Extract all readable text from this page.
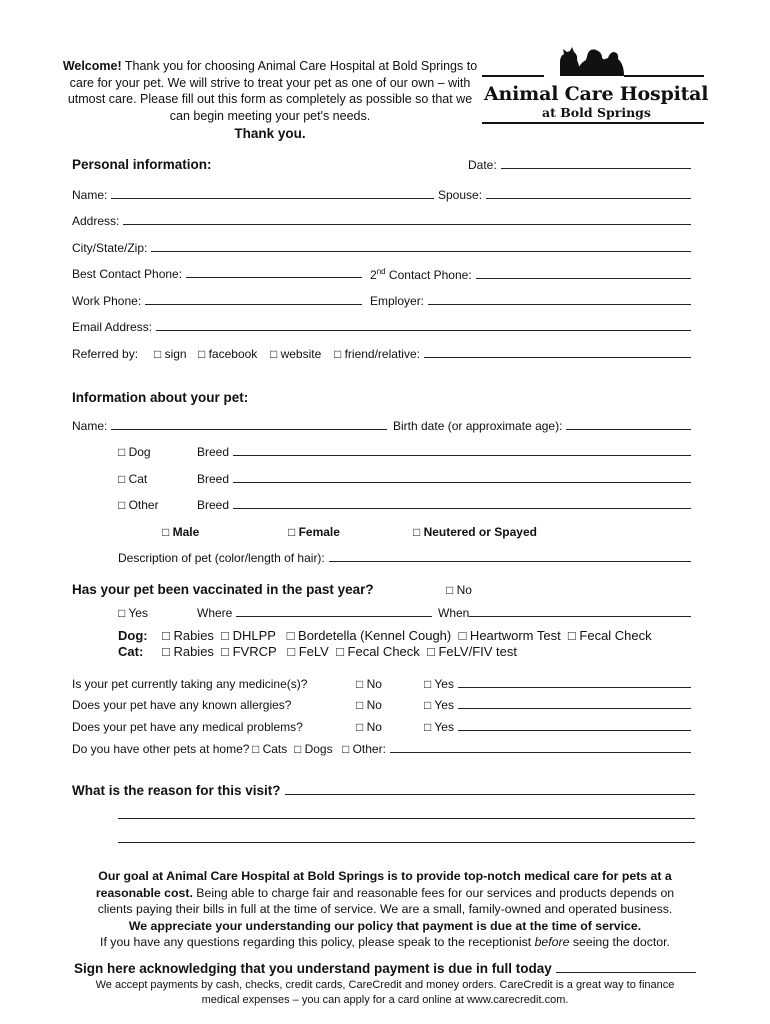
Welcome! Thank you for choosing Animal Care Hospital at Bold Springs to care for your pet. We will strive to treat your pet as one of our own – with utmost care. Please fill out this form as completely as possible so that we can begin meeting your pet's needs.
Thank you.
Animal Care Hospital
at Bold Springs
Personal information:	Date:
Name:	Spouse:
Address:
City/State/Zip:
Best Contact Phone:	2nd Contact Phone:
Work Phone:	Employer:
Email Address:
Referred by: □ sign □ facebook □ website □ friend/relative:
Information about your pet:
Name:	Birth date (or approximate age):
□ Dog	Breed
□ Cat	Breed
□ Other	Breed
□ Male	□ Female	□ Neutered or Spayed
Description of pet (color/length of hair):
Has your pet been vaccinated in the past year?	□ No
□ Yes	Where	When
Dog: □ Rabies  □ DHLPP   □ Bordetella (Kennel Cough)  □ Heartworm Test  □ Fecal Check
Cat: □ Rabies  □ FVRCP   □ FeLV  □ Fecal Check  □ FeLV/FIV test
Is your pet currently taking any medicine(s)?	□ No	□ Yes
Does your pet have any known allergies?	□ No	□ Yes
Does your pet have any medical problems?	□ No	□ Yes
Do you have other pets at home? □ Cats □ Dogs □ Other:
What is the reason for this visit?
Our goal at Animal Care Hospital at Bold Springs is to provide top-notch medical care for pets at a
reasonable cost. Being able to charge fair and reasonable fees for our services and products depends on
clients paying their bills in full at the time of service. We are a small, family-owned and operated business.
We appreciate your understanding our policy that payment is due at the time of service.
If you have any questions regarding this policy, please speak to the receptionist before seeing the doctor.
Sign here acknowledging that you understand payment is due in full today
We accept payments by cash, checks, credit cards, CareCredit and money orders. CareCredit is a great way to finance
medical expenses – you can apply for a card online at www.carecredit.com.
